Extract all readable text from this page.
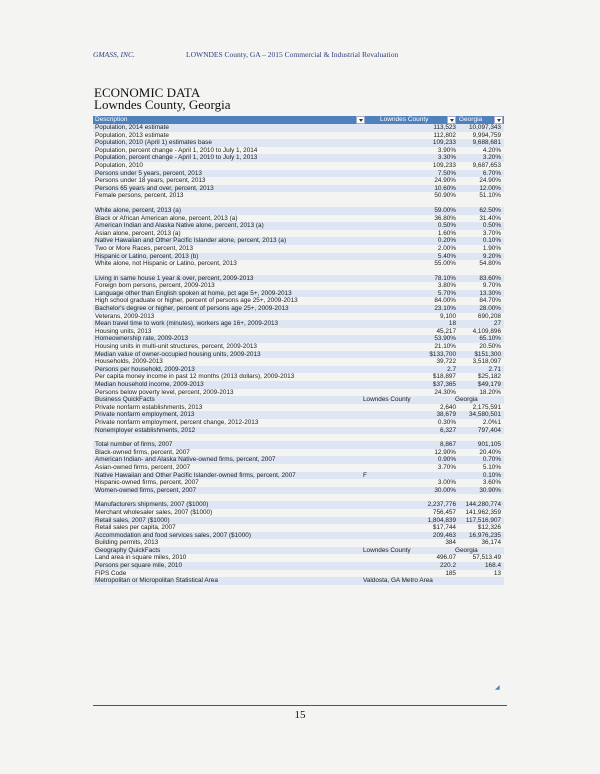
GMASS, INC.	LOWNDES County, GA – 2015 Commercial & Industrial Revaluation
ECONOMIC DATA
Lowndes County, Georgia
Description	Lowndes County	Georgia
Population, 2014 estimate	113,523 10,097,343
Population, 2013 estimate	112,802	9,994,759
Population, 2010 (April 1) estimates base	109,233	9,688,681
Population, percent change - April 1, 2010 to July 1, 2014	3.90%	4.20%
Population, percent change - April 1, 2010 to July 1, 2013	3.30%	3.20%
Population, 2010	109,233	9,687,653
Persons under 5 years, percent, 2013	7.50%	6.70%
Persons under 18 years, percent, 2013	24.90%	24.90%
Persons 65 years and over, percent, 2013	10.60%	12.00%
Female persons, percent, 2013	50.90%	51.10%
White alone, percent, 2013 (a)	59.00%	62.50%
Black or African American alone, percent, 2013 (a)	36.80%	31.40%
American Indian and Alaska Native alone, percent, 2013 (a)	0.50%	0.50%
Asian alone, percent, 2013 (a)	1.60%	3.70%
Native Hawaiian and Other Pacific Islander alone, percent, 2013 (a)	0.20%	0.10%
Two or More Races, percent, 2013	2.00%	1.90%
Hispanic or Latino, percent, 2013 (b)	5.40%	9.20%
White alone, not Hispanic or Latino, percent, 2013	55.00%	54.80%
Living in same house 1 year & over, percent, 2009-2013	78.10%	83.60%
Foreign born persons, percent, 2009-2013	3.80%	9.70%
Language other than English spoken at home, pct age 5+, 2009-2013	5.70%	13.30%
High school graduate or higher, percent of persons age 25+, 2009-2013	84.00%	84.70%
Bachelor's degree or higher, percent of persons age 25+, 2009-2013	23.10%	28.00%
Veterans, 2009-2013	9,100	690,208
Mean travel time to work (minutes), workers age 16+, 2009-2013	18	27
Housing units, 2013	45,217	4,109,896
Homeownership rate, 2009-2013	53.90%	65.10%
Housing units in multi-unit structures, percent, 2009-2013	21.10%	20.50%
Median value of owner-occupied housing units, 2009-2013	$133,700	$151,300
Households, 2009-2013	39,722	3,518,097
Persons per household, 2009-2013	2.7	2.71
Per capita money income in past 12 months (2013 dollars), 2009-2013	$18,897	$25,182
Median household income, 2009-2013	$37,365	$49,179
Persons below poverty level, percent, 2009-2013	24.30%	18.20%
Business QuickFacts	Lowndes County	Georgia
Private nonfarm establishments, 2013	2,640	2,175,591
Private nonfarm employment, 2013	38,679 34,580,501
Private nonfarm employment, percent change, 2012-2013	0.30%	2.0%1
Nonemployer establishments, 2012	6,327	797,404
Total number of firms, 2007	8,867	901,105
Black-owned firms, percent, 2007	12.90%	20.40%
American Indian- and Alaska Native-owned firms, percent, 2007	0.90%	0.70%
Asian-owned firms, percent, 2007	3.70%	5.10%
Native Hawaiian and Other Pacific Islander-owned firms, percent, 2007	F	0.10%
Hispanic-owned firms, percent, 2007	3.00%	3.60%
Women-owned firms, percent, 2007	30.00%	30.90%
Manufacturers shipments, 2007 ($1000)	2,237,776 144,280,774
Merchant wholesaler sales, 2007 ($1000)	756,457 141,962,359
Retail sales, 2007 ($1000)	1,804,839 117,516,907
Retail sales per capita, 2007	$17,744	$12,326
Accommodation and food services sales, 2007 ($1000)	209,463 16,976,235
Building permits, 2013	384	36,174
Geography QuickFacts	Lowndes County	Georgia
Land area in square miles, 2010	496.07	57,513.49
Persons per square mile, 2010	220.2	168.4
FIPS Code	185	13
Metropolitan or Micropolitan Statistical Area	Valdosta, GA Metro Area
◢
15
